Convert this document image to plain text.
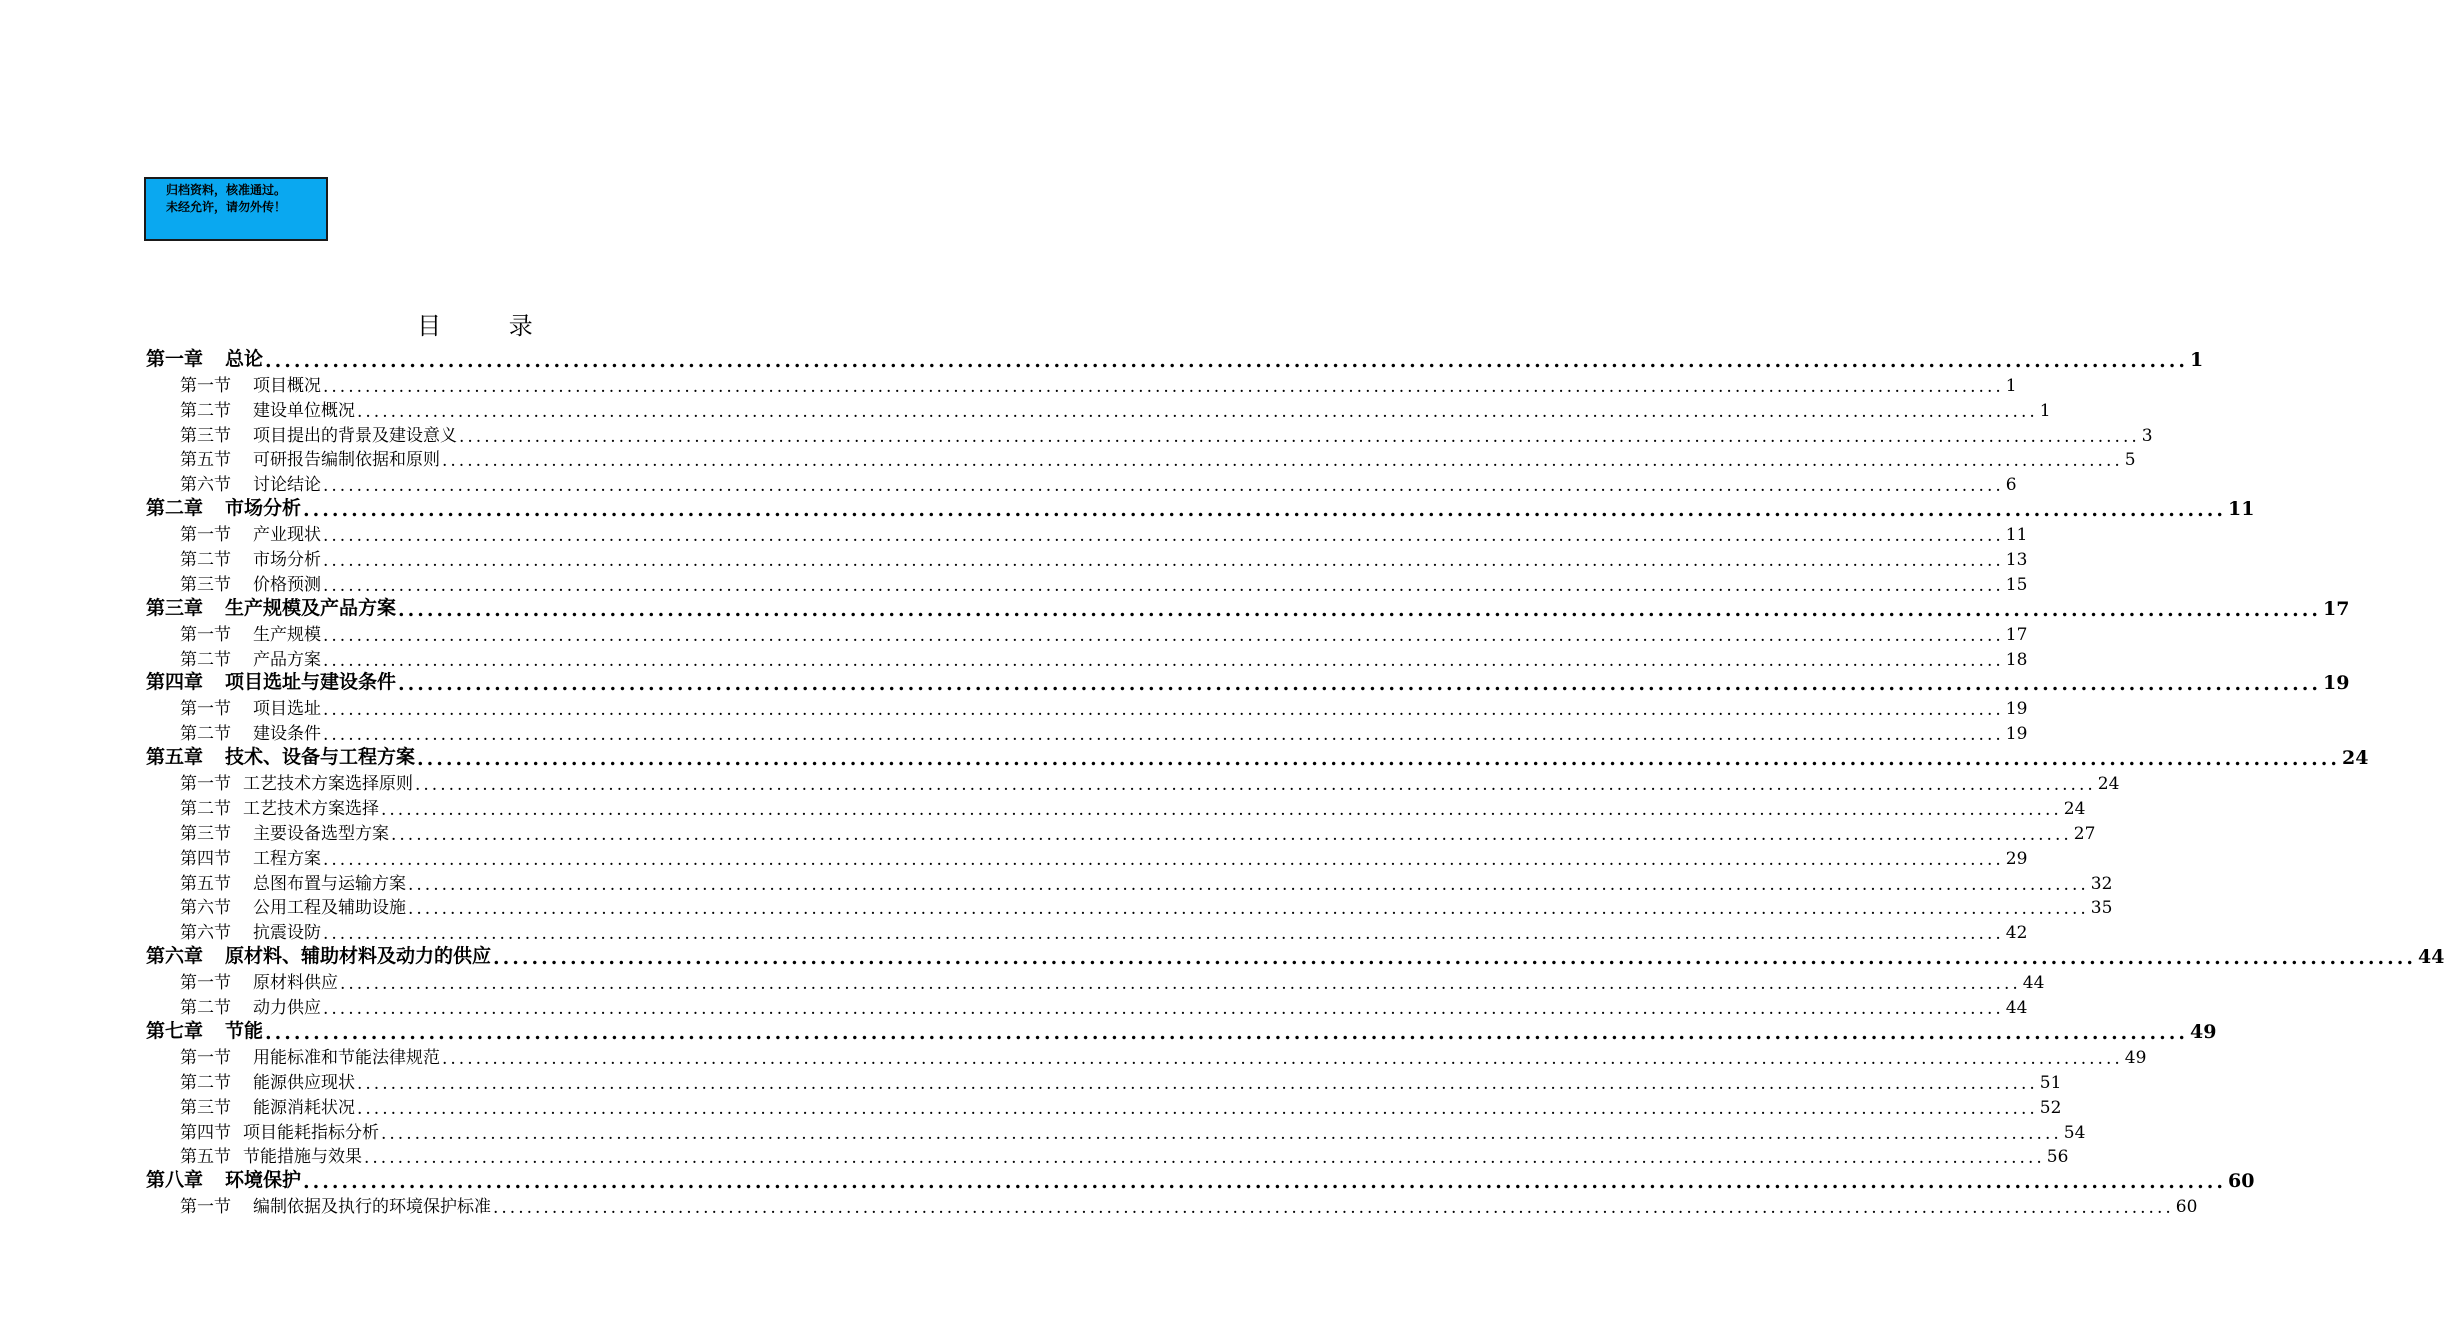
归档资料，核准通过。
未经允许，请勿外传！
目 录
第一章 总论 ........................................................................................................................................................................................................ 1
第一节 项目概况 ........................................................................................................................................................................................................ 1
第二节 建设单位概况 ........................................................................................................................................................................................................ 1
第三节 项目提出的背景及建设意义 ........................................................................................................................................................................................................ 3
第五节 可研报告编制依据和原则 ........................................................................................................................................................................................................ 5
第六节 讨论结论 ........................................................................................................................................................................................................ 6
第二章 市场分析 ........................................................................................................................................................................................................ 11
第一节 产业现状 ........................................................................................................................................................................................................ 11
第二节 市场分析 ........................................................................................................................................................................................................ 13
第三节 价格预测 ........................................................................................................................................................................................................ 15
第三章 生产规模及产品方案 ........................................................................................................................................................................................................ 17
第一节 生产规模 ........................................................................................................................................................................................................ 17
第二节 产品方案 ........................................................................................................................................................................................................ 18
第四章 项目选址与建设条件 ........................................................................................................................................................................................................ 19
第一节 项目选址 ........................................................................................................................................................................................................ 19
第二节 建设条件 ........................................................................................................................................................................................................ 19
第五章 技术、设备与工程方案 ........................................................................................................................................................................................................ 24
第一节 工艺技术方案选择原则 ........................................................................................................................................................................................................ 24
第二节 工艺技术方案选择 ........................................................................................................................................................................................................ 24
第三节 主要设备选型方案 ........................................................................................................................................................................................................ 27
第四节 工程方案 ........................................................................................................................................................................................................ 29
第五节 总图布置与运输方案 ........................................................................................................................................................................................................ 32
第六节 公用工程及辅助设施 ........................................................................................................................................................................................................ 35
第六节 抗震设防 ........................................................................................................................................................................................................ 42
第六章 原材料、辅助材料及动力的供应 ........................................................................................................................................................................................................ 44
第一节 原材料供应 ........................................................................................................................................................................................................ 44
第二节 动力供应 ........................................................................................................................................................................................................ 44
第七章 节能 ........................................................................................................................................................................................................ 49
第一节 用能标准和节能法律规范 ........................................................................................................................................................................................................ 49
第二节 能源供应现状 ........................................................................................................................................................................................................ 51
第三节 能源消耗状况 ........................................................................................................................................................................................................ 52
第四节 项目能耗指标分析 ........................................................................................................................................................................................................ 54
第五节 节能措施与效果 ........................................................................................................................................................................................................ 56
第八章 环境保护 ........................................................................................................................................................................................................ 60
第一节 编制依据及执行的环境保护标准 ........................................................................................................................................................................................................ 60
